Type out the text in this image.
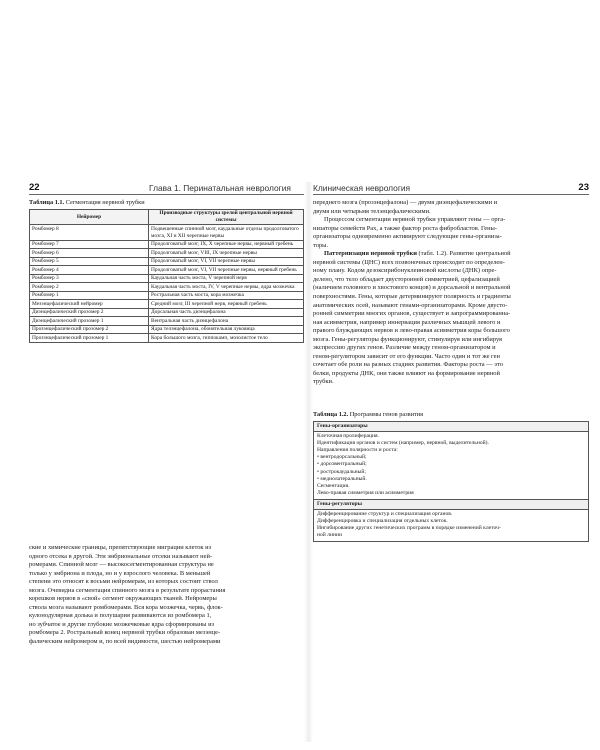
22	Глава 1. Перинатальная неврология
Таблица 1.1. Сегментация нервной трубки
Нейромер	Производные структуры зрелой центральной нервной системы
Ромбомер 8	Подвешенные спинной мозг, каудальные отделы продолговатого мозга, XI и XII черепные нервы
Ромбомер 7	Продолговатый мозг, IX, X черепные нервы, нервный гребень
Ромбомер 6	Продолговатый мозг, VIII, IX черепные нервы
Ромбомер 5	Продолговатый мозг, VI, VII черепные нервы
Ромбомер 4	Продолговатый мозг, VI, VII черепные нервы, нервный гребень
Ромбомер 3	Каудальная часть моста, V черепной нерв
Ромбомер 2	Каудальная часть моста, IV, V черепные нервы, ядра мозжечка
Ромбомер 1	Ростральная часть моста, кора мозжечка
Мезэнцефалический нейромер	Средний мозг, III черепной нерв, нервный гребень
Диэнцефалический прозомер 2	Дорсальная часть диэнцефалона
Диэнцефалический прозомер 1	Вентральная часть диэнцефалона
Прозэнцефалический прозомер 2	Ядра телэнцефалона, обонятельная луковица
Прозэнцефалический прозомер 1	Кора большого мозга, гиппокамп, мозолистое тело
ские и химические границы, препятствующие миграции клеток из
одного отсека в другой. Эти эмбриональные отсеки называют ней-
ромерами. Спинной мозг — высокосегментированная структура не
только у эмбриона и плода, но и у взрослого человека. В меньшей
степени это относят к восьми нейромерам, из которых состоит ствол
мозга. Очевидна сегментация спинного мозга в результате прорастания
корешков нервов в «свой» сегмент окружающих тканей. Нейромеры
ствола мозга называют ромбомерами. Вся кора мозжечка, червь, флок-
кулонодулярная долька и полушария развиваются из ромбомера 1,
но зубчатое и другие глубокие мозжечковые ядра сформированы из
ромбомера 2. Ростральный конец нервной трубки образован мезэнце-
фалическим нейромером и, по всей видимости, шестью нейромерами
Клиническая неврология	23
переднего мозга (прозэнцефалона) — двумя диэнцефалическими и
двумя или четырьмя телэнцефалическими.
Процессом сегментации нервной трубки управляют гены — орга-
низаторы семейств Pax, а также фактор роста фибробластов. Гены-
организаторы одновременно активируют следующие гены-организа-
торы.
Паттернизация нервной трубки (табл. 1.2). Развитие центральной
нервной системы (ЦНС) всех позвоночных происходит по определен-
ному плану. Кодом дезоксирибонуклеиновой кислоты (ДНК) опре-
делено, что тело обладает двусторонней симметрией, цефализацией
(наличием головного и хвостового концов) и дорсальной и вентральной
поверхностями. Гены, которые детерминируют полярность и градиенты
анатомических осей, называют генами-организаторами. Кроме двусто-
ронней симметрии многих органов, существует и запрограммированна-
ная асимметрия, например иннервация различных мышцей левого и
правого блуждающих нервов и лево-правая асимметрия коры большого
мозга. Гены-регуляторы функционируют, стимулируя или ингибируя
экспрессию других генов. Различие между геном-организатором и
геном-регулятором зависит от его функции. Часто один и тот же ген
сочетает обе роли на разных стадиях развития. Факторы роста — это
белки, продукты ДНК, они также влияют на формирование нервной
трубки.
Таблица 1.2. Программы генов развития
Гены-организаторы

Клеточная пролиферация.
Идентификация органов и систем (например, нервной, выделительной).
Направления полярности и роста:
• вентродорсальный;
• дорсовентральный;
• рострокаудальный;
• медиолатеральный.
Сегментация.
Лево-правая симметрия или асимметрия

Гены-регуляторы

Дифференцирование структур и специализация органов.
Дифференцировка и специализация отдельных клеток.
Ингибирование других генетических программ в порядке изменений клеточ-
ной линии
